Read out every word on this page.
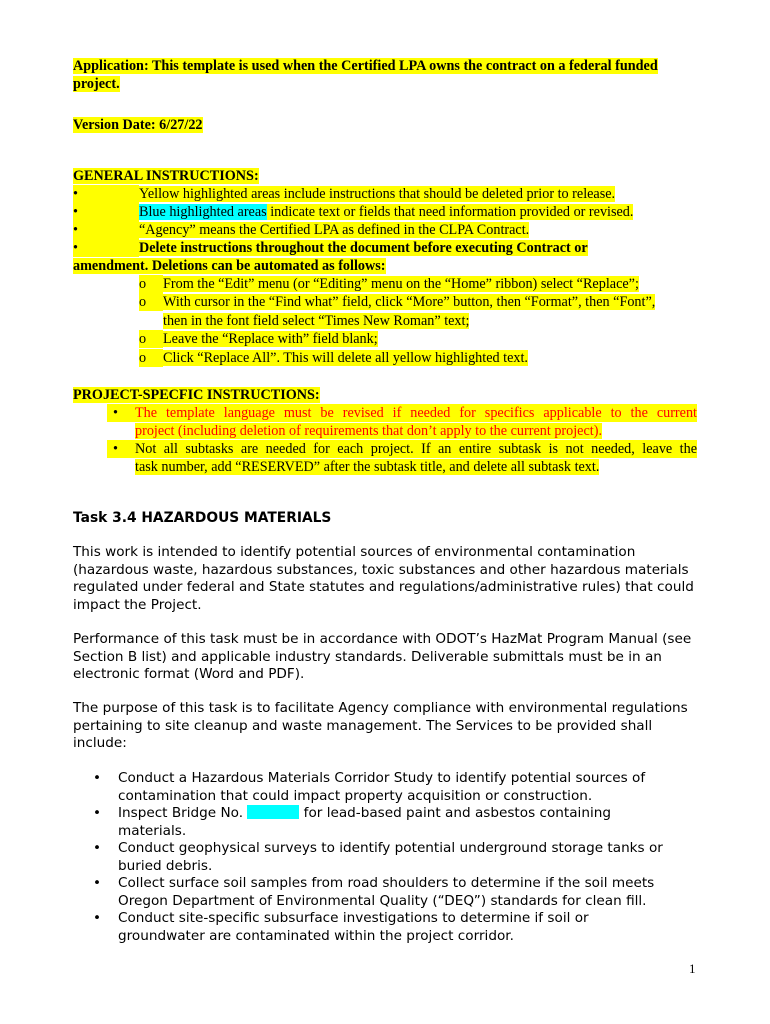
Application: This template is used when the Certified LPA owns the contract on a federal funded project.
Version Date: 6/27/22
GENERAL INSTRUCTIONS:
•	Yellow highlighted areas include instructions that should be deleted prior to release.
•	Blue highlighted areas indicate text or fields that need information provided or revised.
•	“Agency” means the Certified LPA as defined in the CLPA Contract.
•	Delete instructions throughout the document before executing Contract or
amendment. Deletions can be automated as follows:
o	From the “Edit” menu (or “Editing” menu on the “Home” ribbon) select “Replace”;
o	With cursor in the “Find what” field, click “More” button, then “Format”, then “Font”,
then in the font field select “Times New Roman” text;
o	Leave the “Replace with” field blank;
o	Click “Replace All”. This will delete all yellow highlighted text.
PROJECT-SPECFIC INSTRUCTIONS:
•	The template language must be revised if needed for specifics applicable to the current
project (including deletion of requirements that don’t apply to the current project).
•	Not all subtasks are needed for each project. If an entire subtask is not needed, leave the
task number, add “RESERVED” after the subtask title, and delete all subtask text.
Task 3.4 HAZARDOUS MATERIALS
This work is intended to identify potential sources of environmental contamination (hazardous waste, hazardous substances, toxic substances and other hazardous materials regulated under federal and State statutes and regulations/administrative rules) that could impact the Project.
Performance of this task must be in accordance with ODOT’s HazMat Program Manual (see Section B list) and applicable industry standards. Deliverable submittals must be in an electronic format (Word and PDF).
The purpose of this task is to facilitate Agency compliance with environmental regulations pertaining to site cleanup and waste management. The Services to be provided shall include:
• Conduct a Hazardous Materials Corridor Study to identify potential sources of contamination that could impact property acquisition or construction.
• Inspect Bridge No.	for lead-based paint and asbestos containing materials.
• Conduct geophysical surveys to identify potential underground storage tanks or buried debris.
• Collect surface soil samples from road shoulders to determine if the soil meets Oregon Department of Environmental Quality (“DEQ”) standards for clean fill.
• Conduct site-specific subsurface investigations to determine if soil or groundwater are contaminated within the project corridor.
1
